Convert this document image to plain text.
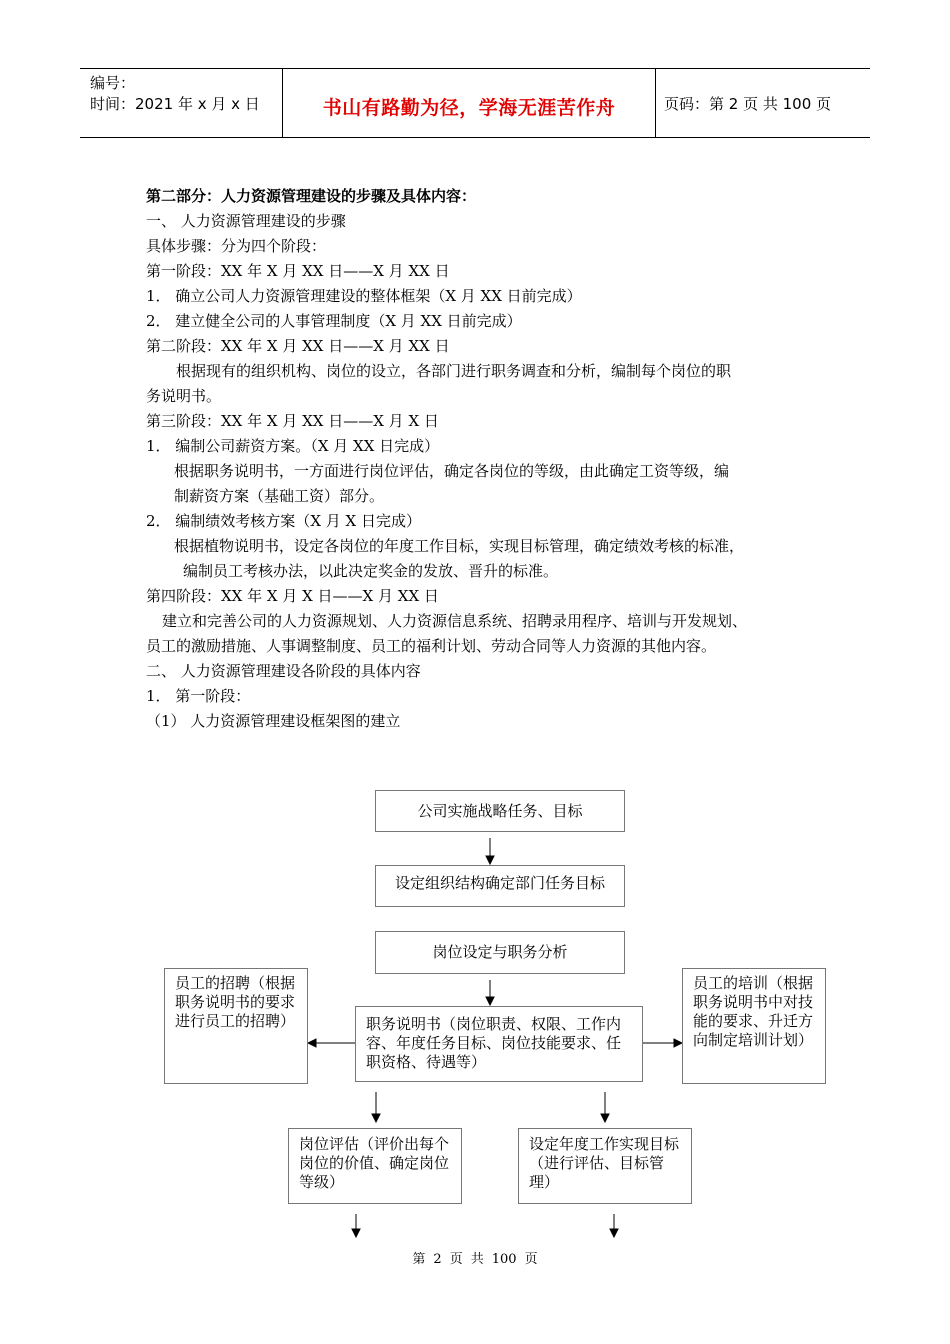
编号：
时间：2021 年 x 月 x 日	书山有路勤为径，学海无涯苦作舟	页码：第 2 页 共 100 页
第二部分：人力资源管理建设的步骤及具体内容：
一、 人力资源管理建设的步骤
具体步骤：分为四个阶段：
第一阶段：XX 年 X 月 XX 日——X 月 XX 日
1． 确立公司人力资源管理建设的整体框架（X 月 XX 日前完成）
2． 建立健全公司的人事管理制度（X 月 XX 日前完成）
第二阶段：XX 年 X 月 XX 日——X 月 XX 日
根据现有的组织机构、岗位的设立，各部门进行职务调查和分析，编制每个岗位的职
务说明书。
第三阶段：XX 年 X 月 XX 日——X 月 X 日
1． 编制公司薪资方案。（X 月 XX 日完成）
根据职务说明书，一方面进行岗位评估，确定各岗位的等级，由此确定工资等级，编
制薪资方案（基础工资）部分。
2． 编制绩效考核方案（X 月 X 日完成）
根据植物说明书，设定各岗位的年度工作目标，实现目标管理，确定绩效考核的标准，
编制员工考核办法，以此决定奖金的发放、晋升的标准。
第四阶段：XX 年 X 月 X 日——X 月 XX 日
建立和完善公司的人力资源规划、人力资源信息系统、招聘录用程序、培训与开发规划、
员工的激励措施、人事调整制度、员工的福利计划、劳动合同等人力资源的其他内容。
二、 人力资源管理建设各阶段的具体内容
1． 第一阶段：
（1） 人力资源管理建设框架图的建立
公司实施战略任务、目标
设定组织结构确定部门任务目标
岗位设定与职务分析
职务说明书（岗位职责、权限、工作内容、年度任务目标、岗位技能要求、任职资格、待遇等）
员工的招聘（根据职务说明书的要求进行员工的招聘）
员工的培训（根据职务说明书中对技能的要求、升迁方向制定培训计划）
岗位评估（评价出每个岗位的价值、确定岗位等级）
设定年度工作实现目标（进行评估、目标管理）
第 2 页 共 100 页
